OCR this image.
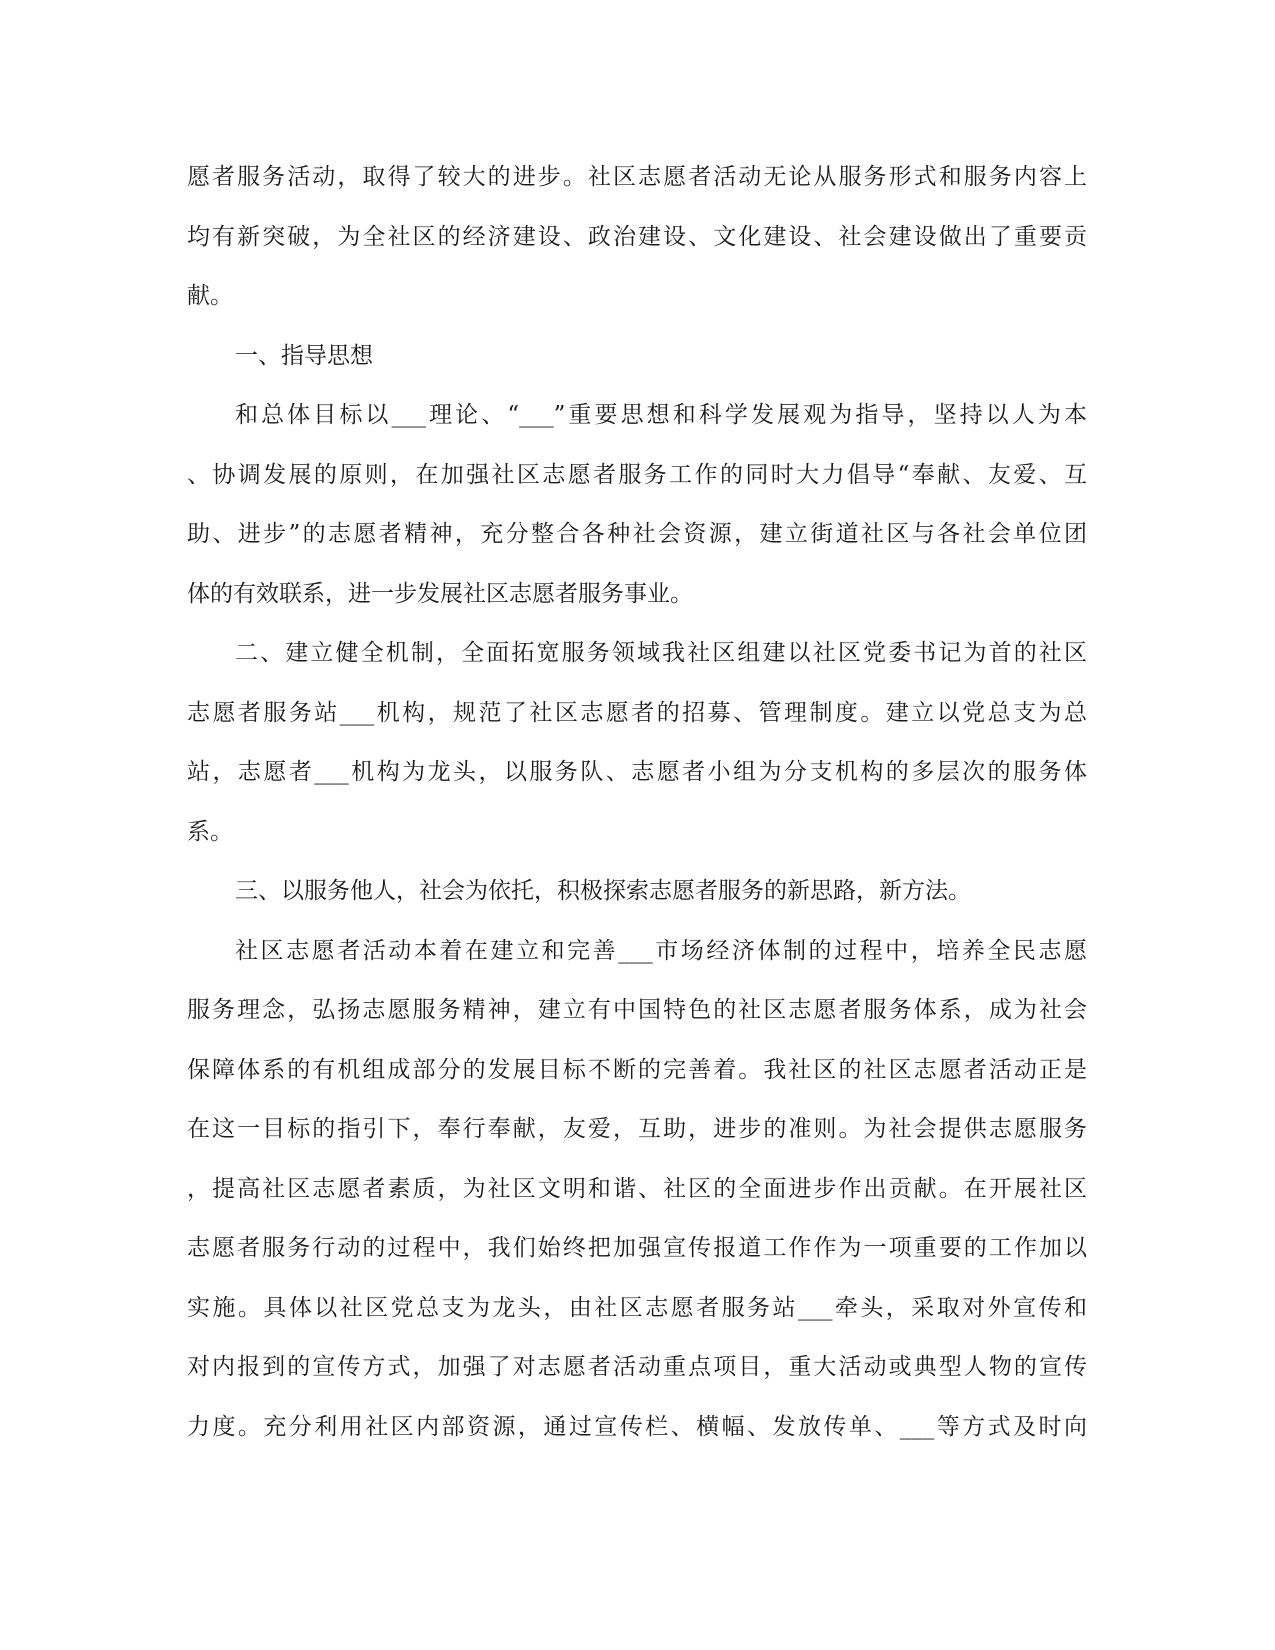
愿者服务活动，取得了较大的进步。社区志愿者活动无论从服务形式和服务内容上
均有新突破，为全社区的经济建设、政治建设、文化建设、社会建设做出了重要贡
献。
一、指导思想
和总体目标以___理论、“___”重要思想和科学发展观为指导，坚持以人为本
、协调发展的原则，在加强社区志愿者服务工作的同时大力倡导“奉献、友爱、互
助、进步”的志愿者精神，充分整合各种社会资源，建立街道社区与各社会单位团
体的有效联系，进一步发展社区志愿者服务事业。
二、建立健全机制，全面拓宽服务领域我社区组建以社区党委书记为首的社区
志愿者服务站___机构，规范了社区志愿者的招募、管理制度。建立以党总支为总
站，志愿者___机构为龙头，以服务队、志愿者小组为分支机构的多层次的服务体
系。
三、以服务他人，社会为依托，积极探索志愿者服务的新思路，新方法。
社区志愿者活动本着在建立和完善___市场经济体制的过程中，培养全民志愿
服务理念，弘扬志愿服务精神，建立有中国特色的社区志愿者服务体系，成为社会
保障体系的有机组成部分的发展目标不断的完善着。我社区的社区志愿者活动正是
在这一目标的指引下，奉行奉献，友爱，互助，进步的准则。为社会提供志愿服务
，提高社区志愿者素质，为社区文明和谐、社区的全面进步作出贡献。在开展社区
志愿者服务行动的过程中，我们始终把加强宣传报道工作作为一项重要的工作加以
实施。具体以社区党总支为龙头，由社区志愿者服务站___牵头，采取对外宣传和
对内报到的宣传方式，加强了对志愿者活动重点项目，重大活动或典型人物的宣传
力度。充分利用社区内部资源，通过宣传栏、横幅、发放传单、___等方式及时向
